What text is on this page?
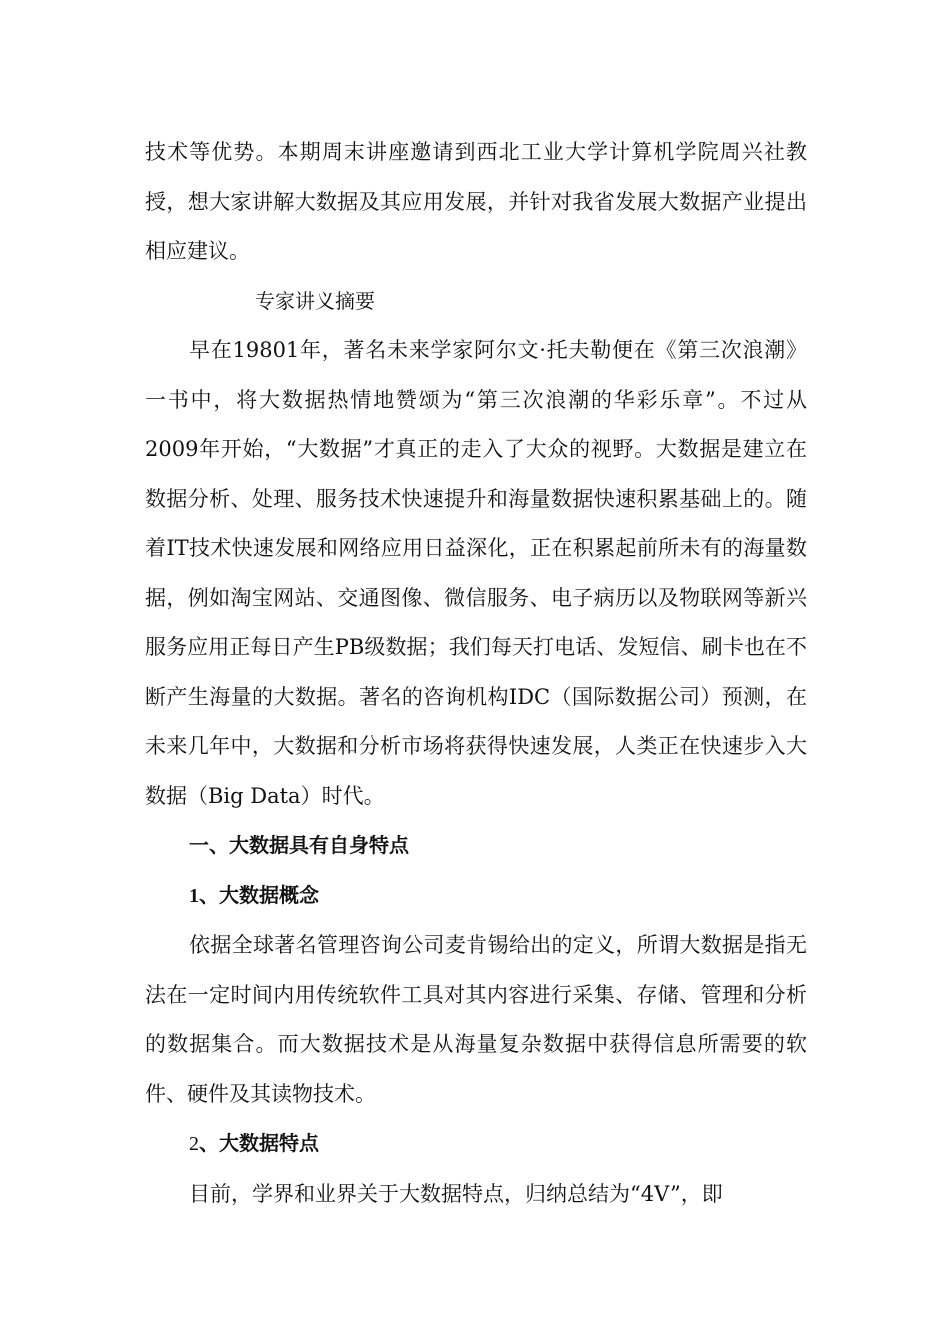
技术等优势。本期周末讲座邀请到西北工业大学计算机学院周兴社教授，想大家讲解大数据及其应用发展，并针对我省发展大数据产业提出相应建议。

专家讲义摘要

早在19801年，著名未来学家阿尔文·托夫勒便在《第三次浪潮》一书中，将大数据热情地赞颂为“第三次浪潮的华彩乐章”。不过从2009年开始，“大数据”才真正的走入了大众的视野。大数据是建立在数据分析、处理、服务技术快速提升和海量数据快速积累基础上的。随着IT技术快速发展和网络应用日益深化，正在积累起前所未有的海量数据，例如淘宝网站、交通图像、微信服务、电子病历以及物联网等新兴服务应用正每日产生PB级数据；我们每天打电话、发短信、刷卡也在不断产生海量的大数据。著名的咨询机构IDC（国际数据公司）预测，在未来几年中，大数据和分析市场将获得快速发展，人类正在快速步入大数据（Big Data）时代。

一、大数据具有自身特点

1、大数据概念

依据全球著名管理咨询公司麦肯锡给出的定义，所谓大数据是指无法在一定时间内用传统软件工具对其内容进行采集、存储、管理和分析的数据集合。而大数据技术是从海量复杂数据中获得信息所需要的软件、硬件及其读物技术。

2、大数据特点

目前，学界和业界关于大数据特点，归纳总结为“4V”，即
